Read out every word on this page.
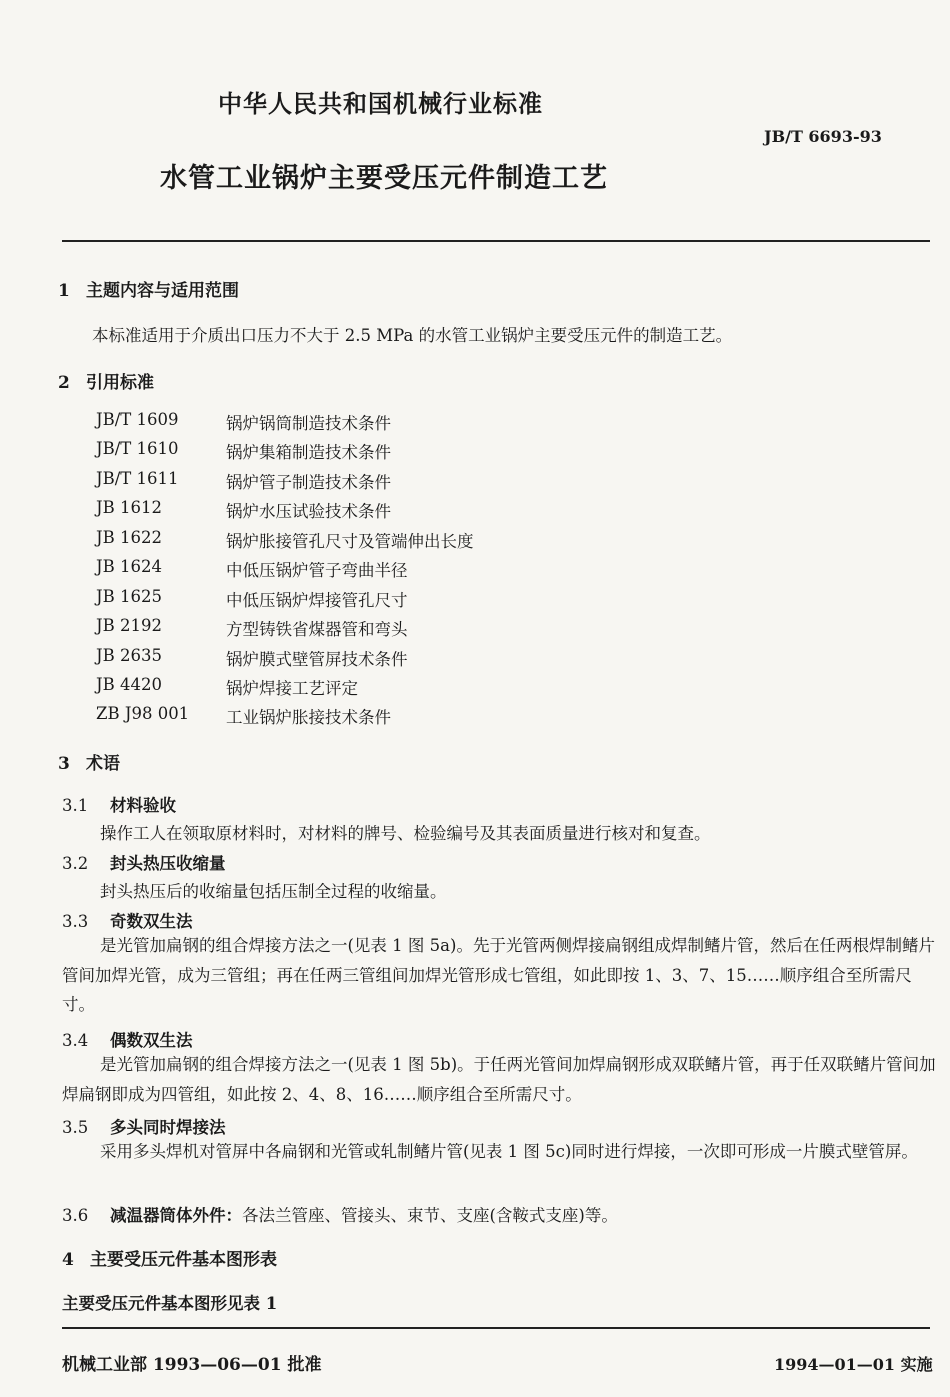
中华人民共和国机械行业标准
JB/T 6693-93
水管工业锅炉主要受压元件制造工艺
1 主题内容与适用范围
本标准适用于介质出口压力不大于 2.5 MPa 的水管工业锅炉主要受压元件的制造工艺。
2 引用标准
JB/T 1609	锅炉锅筒制造技术条件
JB/T 1610	锅炉集箱制造技术条件
JB/T 1611	锅炉管子制造技术条件
JB 1612	锅炉水压试验技术条件
JB 1622	锅炉胀接管孔尺寸及管端伸出长度
JB 1624	中低压锅炉管子弯曲半径
JB 1625	中低压锅炉焊接管孔尺寸
JB 2192	方型铸铁省煤器管和弯头
JB 2635	锅炉膜式壁管屏技术条件
JB 4420	锅炉焊接工艺评定
ZB J98 001 工业锅炉胀接技术条件
3 术语
3.1 材料验收
操作工人在领取原材料时，对材料的牌号、检验编号及其表面质量进行核对和复查。
3.2 封头热压收缩量
封头热压后的收缩量包括压制全过程的收缩量。
3.3 奇数双生法
是光管加扁钢的组合焊接方法之一(见表 1 图 5a)。先于光管两侧焊接扁钢组成焊制鳍片管，然后在任两根焊制鳍片管间加焊光管，成为三管组；再在任两三管组间加焊光管形成七管组，如此即按 1、3、7、15……顺序组合至所需尺寸。
3.4 偶数双生法
是光管加扁钢的组合焊接方法之一(见表 1 图 5b)。于任两光管间加焊扁钢形成双联鳍片管，再于任双联鳍片管间加焊扁钢即成为四管组，如此按 2、4、8、16……顺序组合至所需尺寸。
3.5 多头同时焊接法
采用多头焊机对管屏中各扁钢和光管或轧制鳍片管(见表 1 图 5c)同时进行焊接，一次即可形成一片膜式壁管屏。
3.6 减温器筒体外件：各法兰管座、管接头、束节、支座(含鞍式支座)等。
4 主要受压元件基本图形表
主要受压元件基本图形见表 1
机械工业部 1993—06—01 批准	1994—01—01 实施
